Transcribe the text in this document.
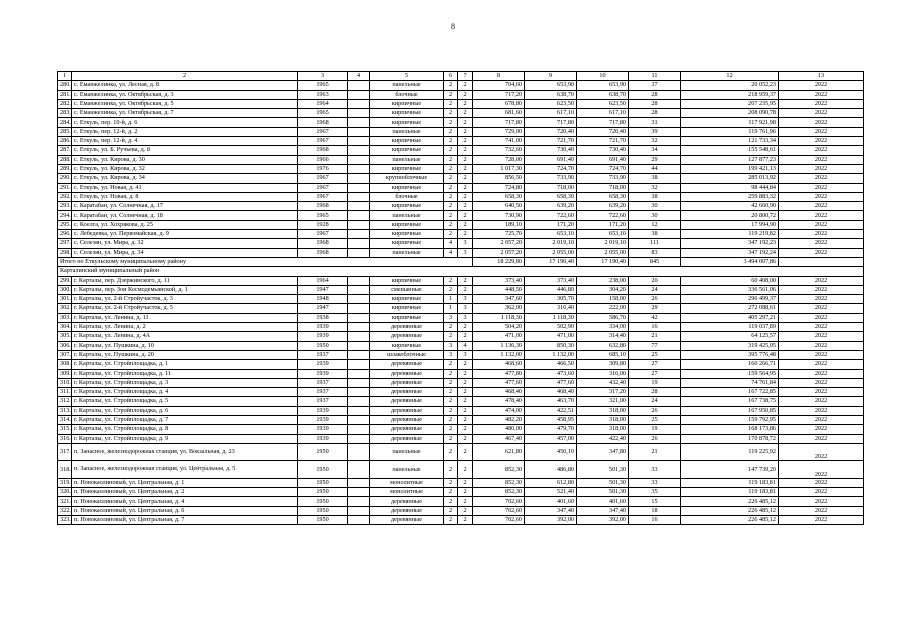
8
1	2	3	4	5	6	7	8	9	10	11	12	13
280.	с. Еманжелинка, ул. Лесная, д. 8	1965		панельные	2	2	704,60	653,90	653,90	37	20 052,23	2022
281.	с. Еманжелинка, ул. Октябрьская, д. 3	1963		блочные	2	2	717,20	638,70	638,70	28	218 959,37	2022
282.	с. Еманжелинка, ул. Октябрьская, д. 5	1964		кирпичные	2	2	678,80	623,50	623,50	28	207 235,95	2022
283.	с. Еманжелинка, ул. Октябрьская, д. 7	1965		кирпичные	2	2	681,60	617,10	617,10	28	208 090,78	2022
284.	с. Еткуль, пер. 10-й, д. 6	1968		кирпичные	2	2	717,80	717,80	717,80	31	117 921,98	2022
285.	с. Еткуль, пер. 12-й, д. 2	1967		панельные	2	2	729,00	720,40	720,40	39	119 761,96	2022
286.	с. Еткуль, пер. 12-й, д. 4	1967		кирпичные	2	2	741,00	721,70	721,70	32	121 733,34	2022
287.	с. Еткуль, ул. Б. Ручьева, д. 8	1968		кирпичные	2	2	732,60	730,40	730,40	34	155 548,61	2022
288.	с. Еткуль, ул. Кирова, д. 30	1966		панельные	2	2	728,00	691,40	691,40	29	127 877,23	2022
289.	с. Еткуль, ул. Кирова, д. 32	1976		кирпичные	2	2	1 017,30	724,70	724,70	44	199 421,13	2022
290.	с. Еткуль, ул. Кирова, д. 34	1967		крупноблочные	2	2	856,50	733,90	733,90	38	285 013,92	2022
291.	с. Еткуль, ул. Новая, д. 41	1967		кирпичные	2	2	724,80	718,00	718,00	32	98 444,84	2022
292.	с. Еткуль, ул. Новая, д. 8	1967		блочные	2	2	658,30	658,30	658,30	38	259 883,32	2022
293.	с. Каратабан, ул. Солнечная, д. 17	1968		кирпичные	2	2	640,50	639,20	639,20	30	42 660,90	2022
294.	с. Каратабан, ул. Солнечная, д. 18	1965		панельные	2	2	730,90	722,60	722,60	30	20 800,72	2022
295.	с. Коелга, ул. Хохрякова, д. 25	1928		кирпичные	2	2	189,10	171,20	171,20	12	17 994,90	2022
296.	с. Лебедевка, ул. Первомайская, д. 9	1967		кирпичные	2	2	725,70	653,10	653,10	38	119 219,82	2022
297.	с. Селезян, ул. Мира, д. 32	1968		кирпичные	4	3	2 057,20	2 019,10	2 019,10	111	347 192,23	2022
298.	с. Селезян, ул. Мира, д. 34	1968		панельные	4	3	2 057,20	2 055,00	2 055,00	83	347 192,24	2022
Итого по Еткульскому муниципальному району							18 229,80	17 190,40	17 190,40	845	3 494 007,86	
Карталинский муниципальный район												
299.	г. Карталы, пер. Дзержинского, д. 11	1964		кирпичные	2	2	373,40	373,40	238,00	20	60 408,00	2022
300.	г. Карталы, пер. Зои Космодемьянской, д. 1	1947		смешанные	2	2	448,50	446,80	304,20	24	336 561,06	2022
301.	г. Карталы, ул. 2-й Стройучасток, д. 3	1948		кирпичные	1	3	347,60	305,70	158,00	26	296 499,37	2022
302.	г. Карталы, ул. 2-й Стройучасток, д. 5	1947		кирпичные	1	3	362,00	316,40	222,00	29	272 088,61	2022
303.	г. Карталы, ул. Ленина, д. 11	1938		кирпичные	3	3	1 118,30	1 118,30	586,70	42	405 297,21	2022
304.	г. Карталы, ул. Ленина, д. 2	1939		деревянные	2	2	504,20	502,90	334,00	16	119 037,89	2022
305.	г. Карталы, ул. Ленина, д. 4А	1939		деревянные	2	2	471,00	471,00	314,40	21	64 125,57	2022
306.	г. Карталы, ул. Пушкина, д. 10	1950		кирпичные	3	4	1 136,30	850,30	632,80	77	319 425,05	2022
307.	г. Карталы, ул. Пушкина, д. 20	1937		шлакоблочные	3	3	1 132,00	1 132,00	685,10	25	395 776,48	2022
308.	г. Карталы, ул. Стройплощадка, д. 1	1939		деревянные	2	2	468,60	466,50	309,80	27	160 266,71	2022
309.	г. Карталы, ул. Стройплощадка, д. 11	1939		деревянные	2	2	477,80	473,60	316,00	27	159 564,95	2022
310.	г. Карталы, ул. Стройплощадка, д. 3	1937		деревянные	2	2	477,60	477,60	432,40	19	74 761,84	2022
311.	г. Карталы, ул. Стройплощадка, д. 4	1937		деревянные	2	2	468,40	468,40	317,20	28	167 722,85	2022
312.	г. Карталы, ул. Стройплощадка, д. 5	1937		деревянные	2	2	478,40	463,70	321,00	24	167 738,75	2022
313.	г. Карталы, ул. Стройплощадка, д. 6	1939		деревянные	2	2	474,00	422,51	318,00	26	167 950,85	2022
314.	г. Карталы, ул. Стройплощадка, д. 7	1939		деревянные	2	2	482,20	458,95	318,00	25	159 792,95	2022
315.	г. Карталы, ул. Стройплощадка, д. 8	1939		деревянные	2	2	480,00	479,70	318,00	19	168 173,86	2022
316.	г. Карталы, ул. Стройплощадка, д. 9	1939		деревянные	2	2	467,40	457,00	422,40	26	170 878,72	2022
317.	п. Запасное, железнодорожная станция, ул. Вокзальная, д. 23	1950		панельные	2	2	621,80	450,10	347,80	21	119 225,92	2022
318.	п. Запасное, железнодорожная станция, ул. Центральная, д. 5	1950		панельные	2	2	852,30	486,80	501,30	33	147 739,20	2022
319.	п. Новокаолиновый, ул. Центральная, д. 1	1950		монолитные	2	2	852,30	612,80	501,30	33	119 183,81	2022
320.	п. Новокаолиновый, ул. Центральная, д. 2	1950		монолитные	2	2	852,30	521,40	501,30	35	119 183,81	2022
321.	п. Новокаолиновый, ул. Центральная, д. 4	1950		деревянные	2	2	702,60	401,60	401,60	15	226 485,12	2022
322.	п. Новокаолиновый, ул. Центральная, д. 6	1950		деревянные	2	2	702,60	347,40	347,40	18	226 485,12	2022
323.	п. Новокаолиновый, ул. Центральная, д. 7	1950		деревянные	2	2	702,60	392,00	392,00	16	226 485,12	2022
